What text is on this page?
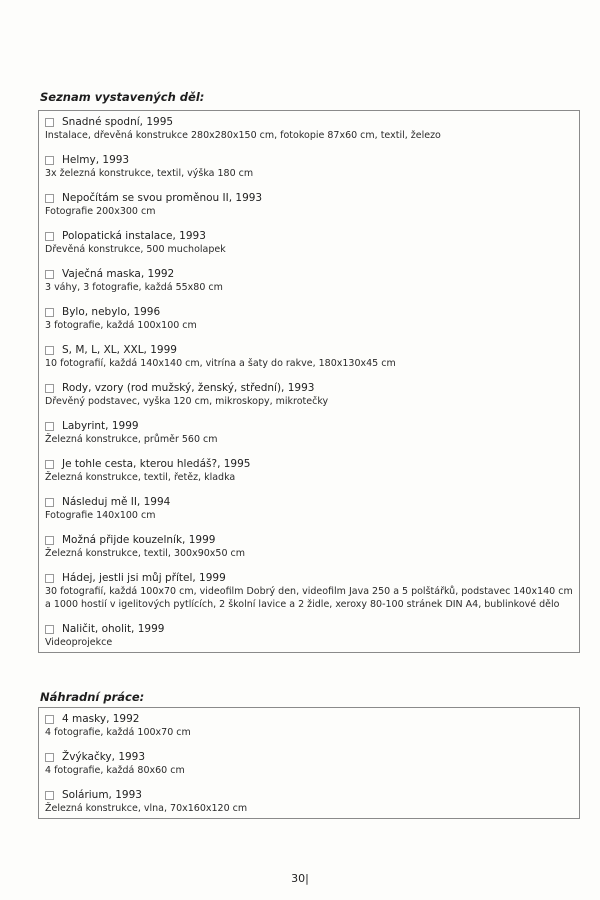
Seznam vystavených děl:
Snadné spodní, 1995
Instalace, dřevěná konstrukce 280x280x150 cm, fotokopie 87x60 cm, textil, železo
Helmy, 1993
3x železná konstrukce, textil, výška 180 cm
Nepočítám se svou proměnou II, 1993
Fotografie 200x300 cm
Polopatická instalace, 1993
Dřevěná konstrukce, 500 mucholapek
Vaječná maska, 1992
3 váhy, 3 fotografie, každá 55x80 cm
Bylo, nebylo, 1996
3 fotografie, každá 100x100 cm
S, M, L, XL, XXL, 1999
10 fotografií, každá 140x140 cm, vitrína a šaty do rakve, 180x130x45 cm
Rody, vzory (rod mužský, ženský, střední), 1993
Dřevěný podstavec, vyška 120 cm, mikroskopy, mikrotečky
Labyrint, 1999
Železná konstrukce, průměr 560 cm
Je tohle cesta, kterou hledáš?, 1995
Železná konstrukce, textil, řetěz, kladka
Následuj mě II, 1994
Fotografie 140x100 cm
Možná přijde kouzelník, 1999
Železná konstrukce, textil, 300x90x50 cm
Hádej, jestli jsi můj přítel, 1999
30 fotografií, každá 100x70 cm, videofilm Dobrý den, videofilm Java 250 a 5 polštářků, podstavec 140x140 cm a 1000 hostií v igelitových pytlících, 2 školní lavice a 2 židle, xeroxy 80-100 stránek DIN A4, bublinkové dělo
Naličit, oholit, 1999
Videoprojekce
Náhradní práce:
4 masky, 1992
4 fotografie, každá 100x70 cm
Žvýkačky, 1993
4 fotografie, každá 80x60 cm
Solárium, 1993
Železná konstrukce, vlna, 70x160x120 cm
30|
